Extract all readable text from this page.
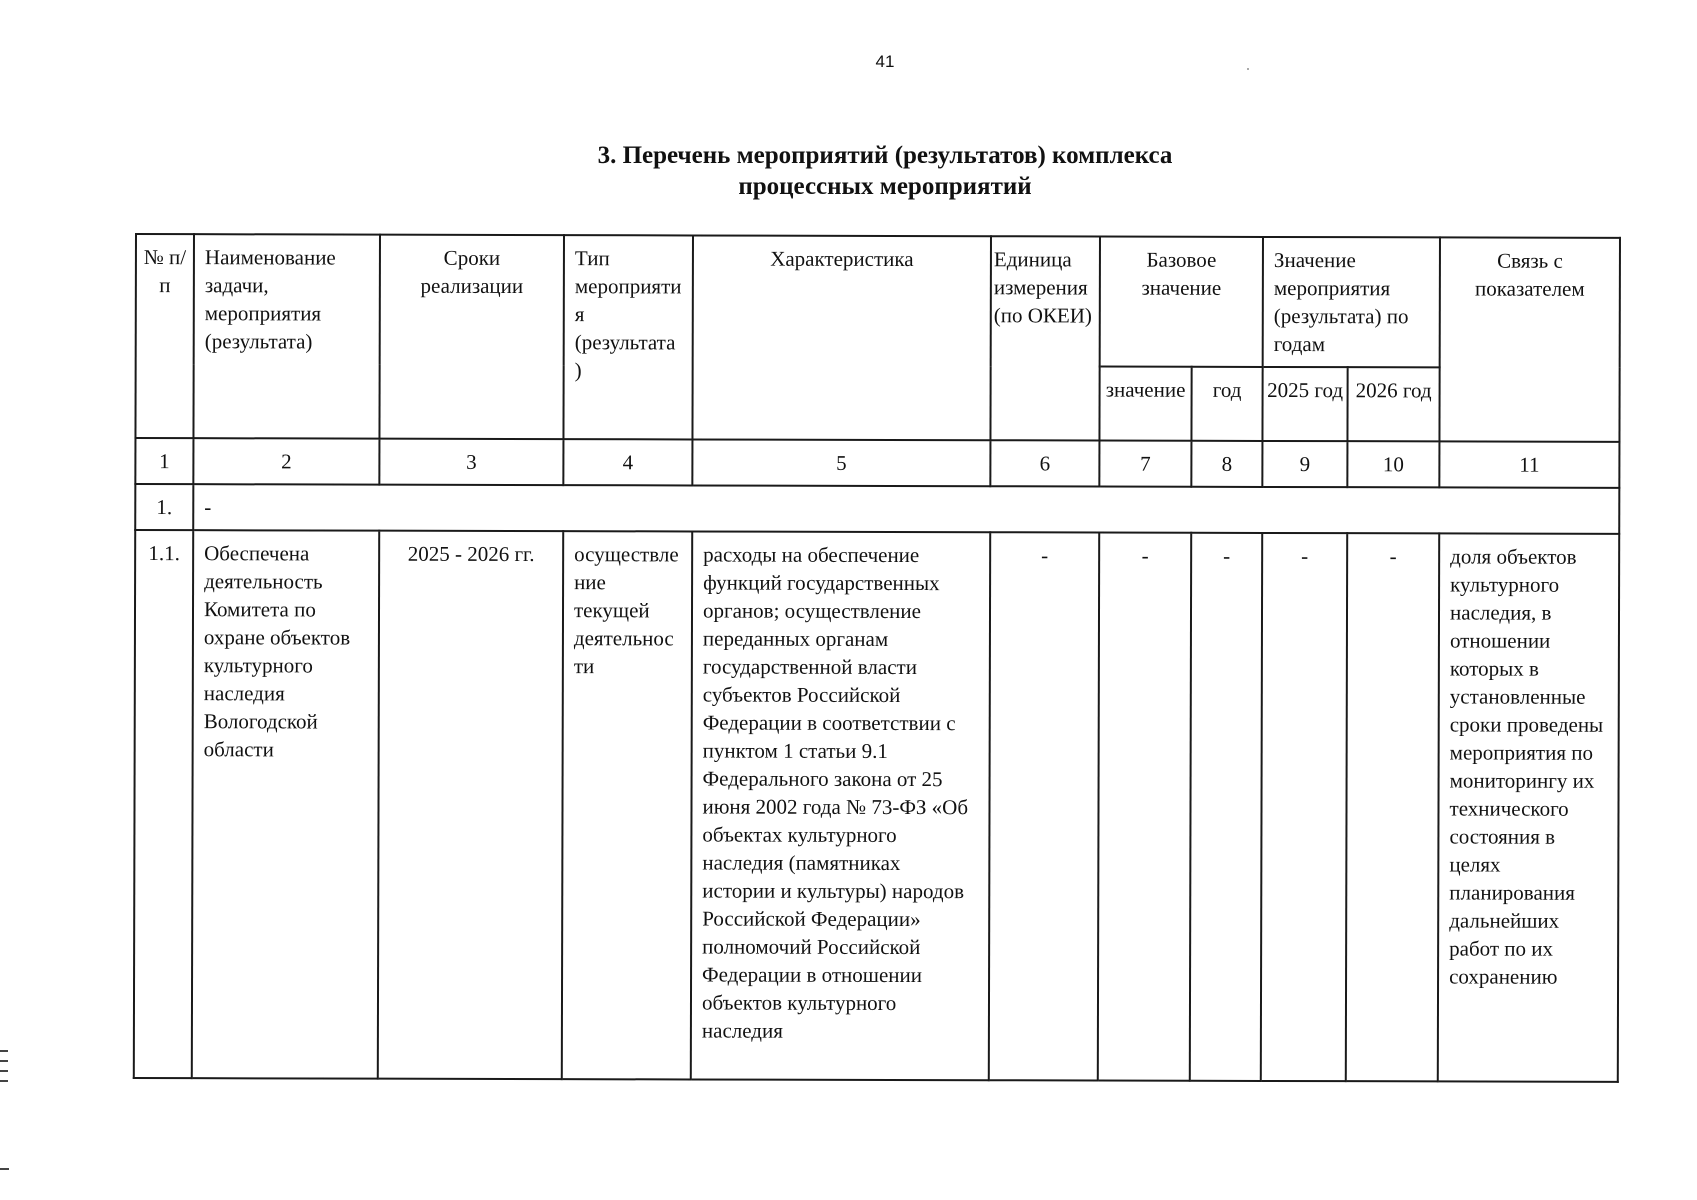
41
3. Перечень мероприятий (результатов) комплекса
процессных мероприятий
№ п/п	Наименование задачи, мероприятия (результата)	Сроки реализации	Тип мероприятия (результата)	Характеристика	Единица измерения (по ОКЕИ)	Базовое значение		Значение мероприятия (результата) по годам		Связь с показателем
						значение	год	2025 год	2026 год	
1	2	3	4	5	6	7	8	9	10	11
1.	-									
1.1.	Обеспечена деятельность Комитета по охране объектов культурного наследия Вологодской области	2025 - 2026 гг.	осуществление текущей деятельности	расходы на обеспечение функций государственных органов; осуществление переданных органам государственной власти субъектов Российской Федерации в соответствии с пунктом 1 статьи 9.1 Федерального закона от 25 июня 2002 года № 73-ФЗ «Об объектах культурного наследия (памятниках истории и культуры) народов Российской Федерации» полномочий Российской Федерации в отношении объектов культурного наследия	-	-	-	-	-	доля объектов культурного наследия, в отношении которых в установленные сроки проведены мероприятия по мониторингу их технического состояния в целях планирования дальнейших работ по их сохранению
